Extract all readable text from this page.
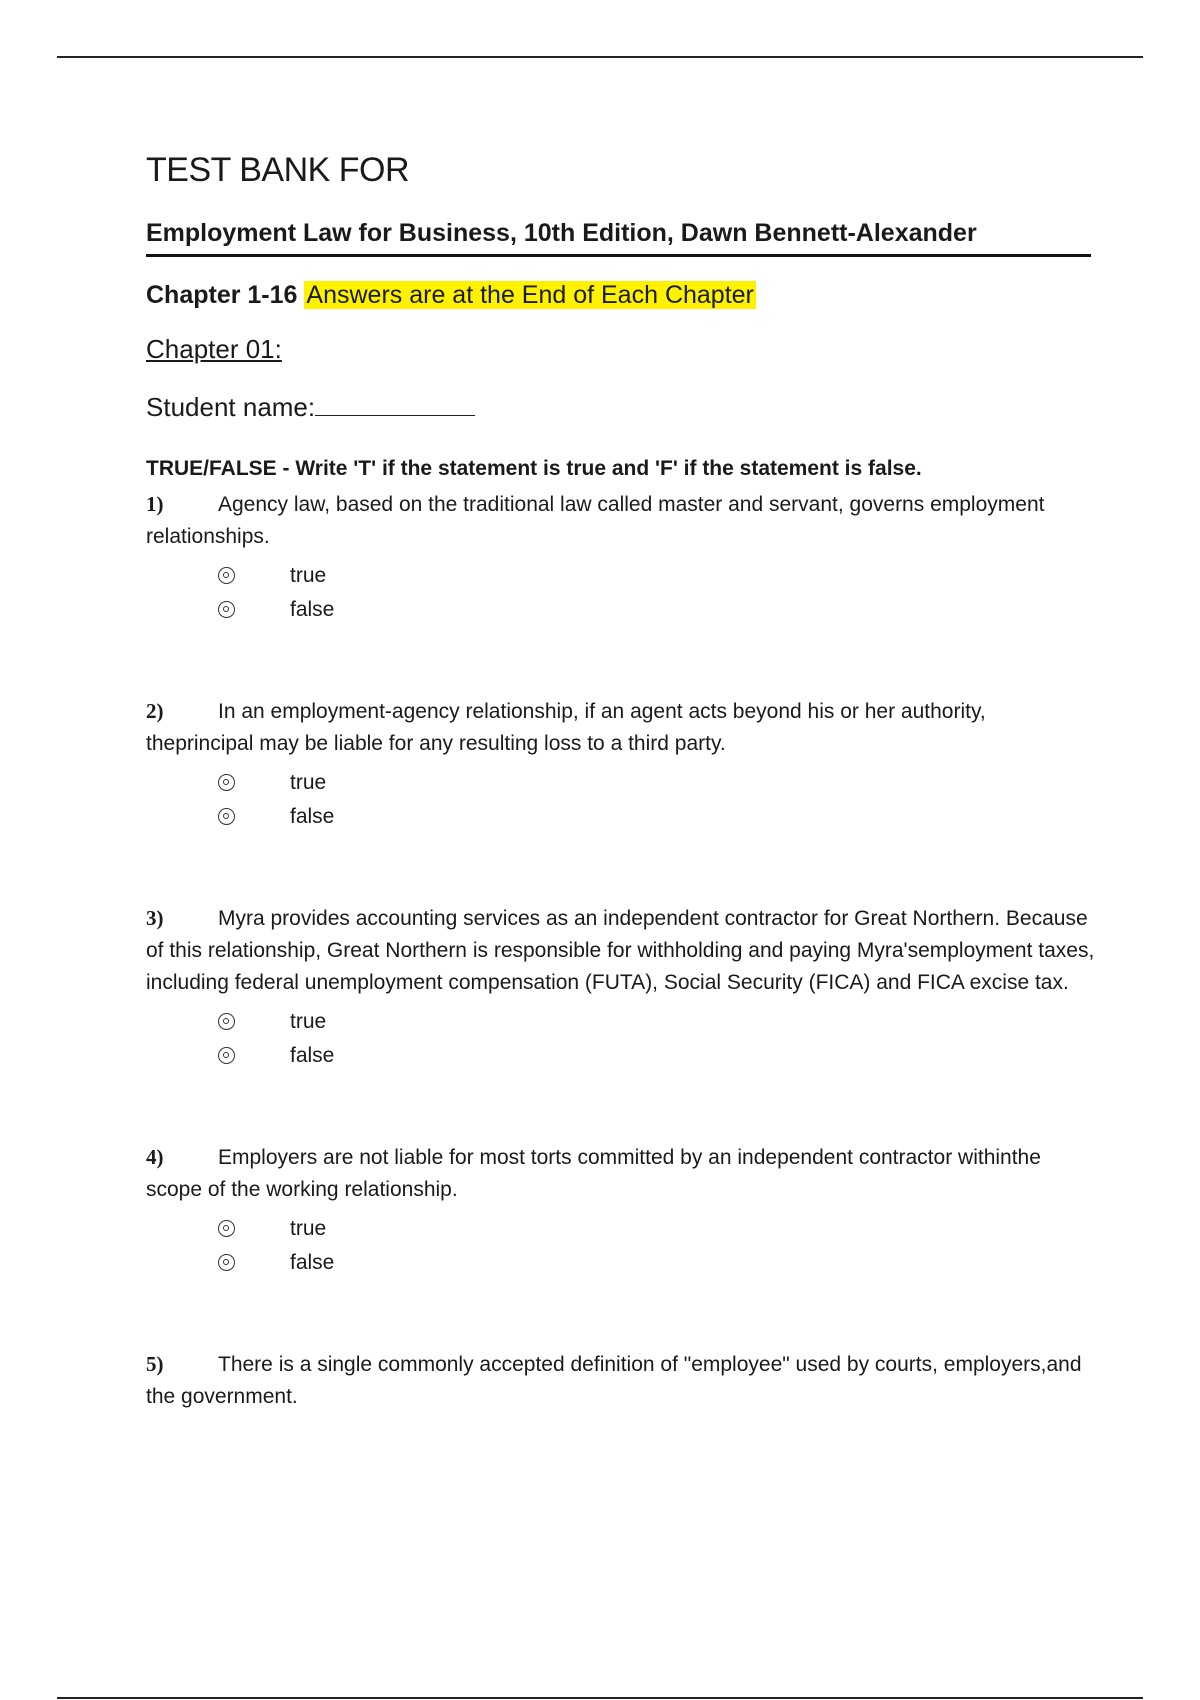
TEST BANK FOR
Employment Law for Business, 10th Edition, Dawn Bennett-Alexander
Chapter 1-16 Answers are at the End of Each Chapter
Chapter 01:
Student name:
TRUE/FALSE - Write 'T' if the statement is true and 'F' if the statement is false.
1)	Agency law, based on the traditional law called master and servant, governs employment relationships.
true
false
2)	In an employment-agency relationship, if an agent acts beyond his or her authority, theprincipal may be liable for any resulting loss to a third party.
true
false
3)	Myra provides accounting services as an independent contractor for Great Northern. Because of this relationship, Great Northern is responsible for withholding and paying Myra'semployment taxes, including federal unemployment compensation (FUTA), Social Security (FICA) and FICA excise tax.
true
false
4)	Employers are not liable for most torts committed by an independent contractor withinthe scope of the working relationship.
true
false
5)	There is a single commonly accepted definition of "employee" used by courts, employers,and the government.
